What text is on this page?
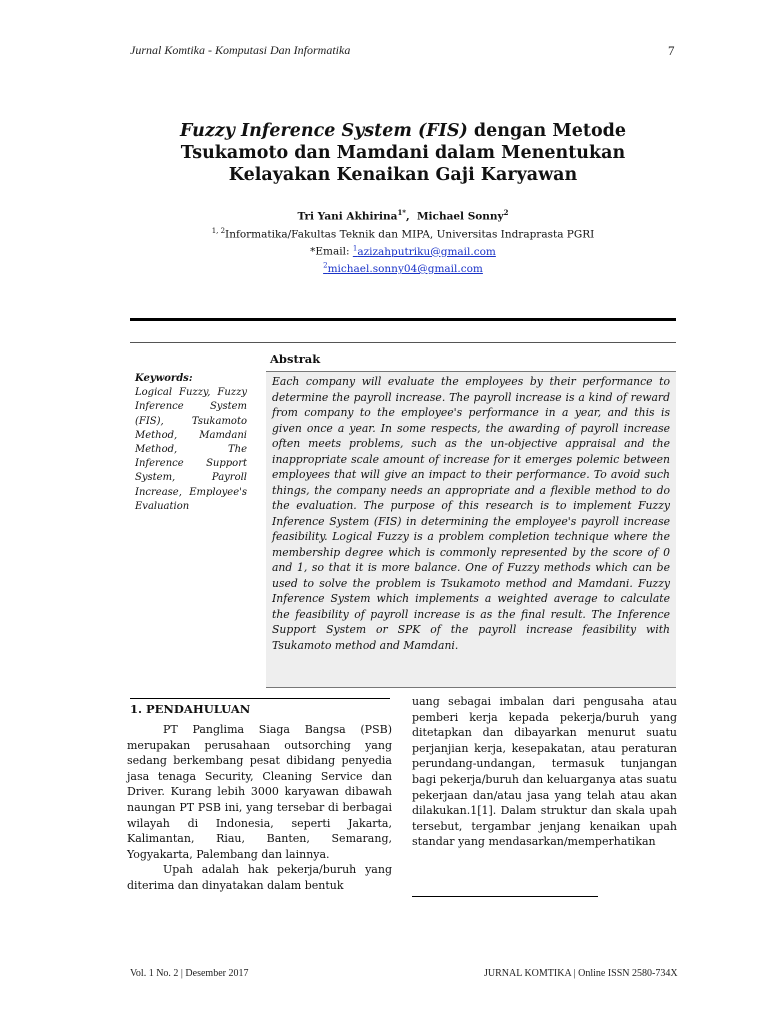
Jurnal Komtika - Komputasi Dan Informatika	7
Fuzzy Inference System (FIS) dengan Metode Tsukamoto dan Mamdani dalam Menentukan Kelayakan Kenaikan Gaji Karyawan
Tri Yani Akhirina$^{1*}$,  Michael Sonny$^2$
$^{1, 2}$Informatika/Fakultas Teknik dan MIPA, Universitas Indraprasta PGRI
*Email: $^1$azizahputriku@gmail.com
$^2$michael.sonny04@gmail.com
Keywords:
Logical Fuzzy, Fuzzy Inference System (FIS), Tsukamoto Method, Mamdani Method, The Inference Support System, Payroll Increase, Employee's Evaluation
Abstrak
Each company will evaluate the employees by their performance to determine the payroll increase. The payroll increase is a kind of reward from company to the employee's performance in a year, and this is given once a year. In some respects, the awarding of payroll increase often meets problems, such as the un-objective appraisal and the inappropriate scale amount of increase for it emerges polemic between employees that will give an impact to their performance. To avoid such things, the company needs an appropriate and a flexible method to do the evaluation. The purpose of this research is to implement Fuzzy Inference System (FIS) in determining the employee's payroll increase feasibility. Logical Fuzzy is a problem completion technique where the membership degree which is commonly represented by the score of 0 and 1, so that it is more balance. One of Fuzzy methods which can be used to solve the problem is Tsukamoto method and Mamdani. Fuzzy Inference System which implements a weighted average to calculate the feasibility of payroll increase is as the final result. The Inference Support System or SPK of the payroll increase feasibility with Tsukamoto method and Mamdani.
1. PENDAHULUAN

PT Panglima Siaga Bangsa (PSB) merupakan perusahaan outsorching yang sedang berkembang pesat dibidang penyedia jasa tenaga Security, Cleaning Service dan Driver. Kurang lebih 3000 karyawan dibawah naungan PT PSB ini, yang tersebar di berbagai wilayah di Indonesia, seperti Jakarta, Kalimantan, Riau, Banten, Semarang, Yogyakarta, Palembang dan lainnya.

Upah adalah hak pekerja/buruh yang diterima dan dinyatakan dalam bentuk

uang sebagai imbalan dari pengusaha atau pemberi kerja kepada pekerja/buruh yang ditetapkan dan dibayarkan menurut suatu perjanjian kerja, kesepakatan, atau peraturan perundang-undangan, termasuk tunjangan bagi pekerja/buruh dan keluarganya atas suatu pekerjaan dan/atau jasa yang telah atau akan dilakukan.1[1]. Dalam struktur dan skala upah tersebut, tergambar jenjang kenaikan upah standar yang mendasarkan/memperhatikan

Vol. 1 No. 2 | Desember 2017	JURNAL KOMTIKA | Online ISSN 2580-734X
